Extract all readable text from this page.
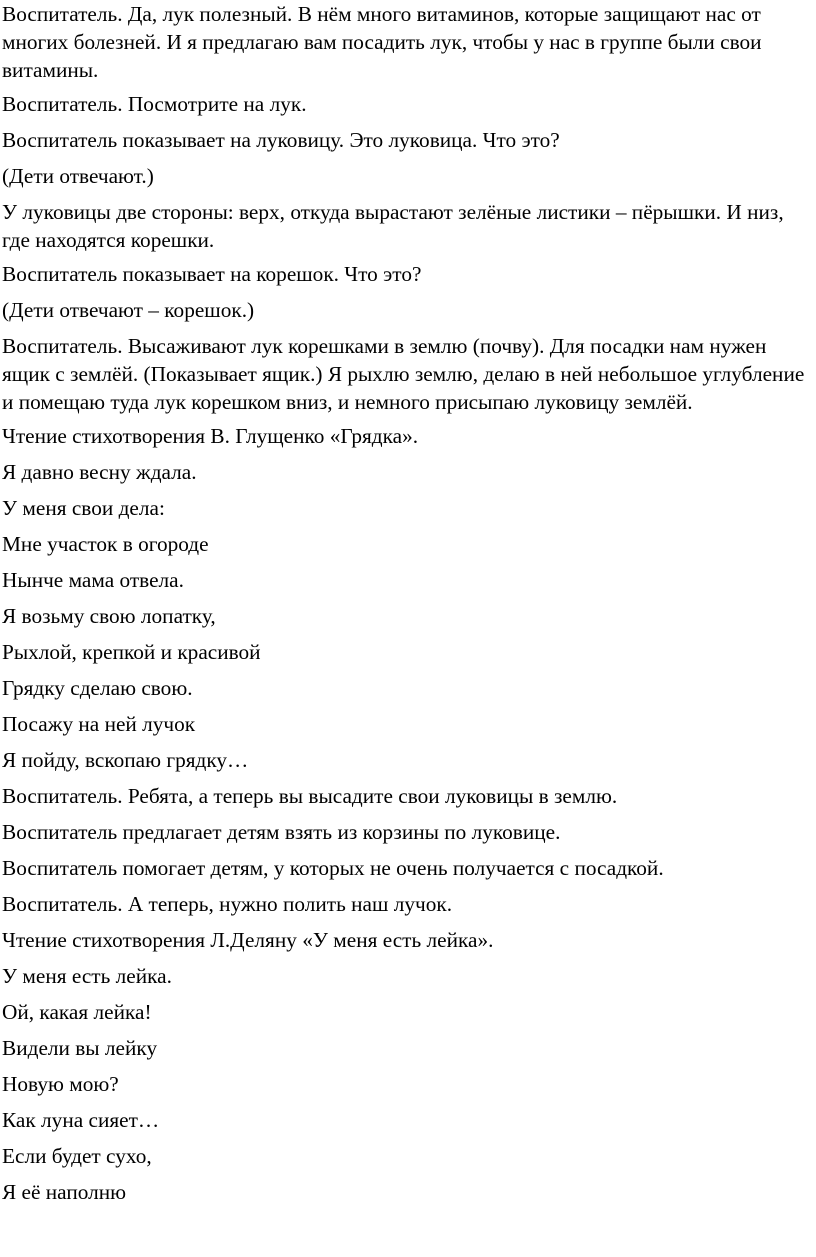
Воспитатель. Да, лук полезный. В нём много витаминов, которые защищают нас от многих болезней. И я предлагаю вам посадить лук, чтобы у нас в группе были свои витамины.

Воспитатель. Посмотрите на лук.

Воспитатель показывает на луковицу. Это луковица. Что это?

(Дети отвечают.)

У луковицы две стороны: верх, откуда вырастают зелёные листики – пёрышки. И низ, где находятся корешки.

Воспитатель показывает на корешок. Что это?

(Дети отвечают – корешок.)

Воспитатель. Высаживают лук корешками в землю (почву). Для посадки нам нужен ящик с землёй. (Показывает ящик.) Я рыхлю землю, делаю в ней небольшое углубление и помещаю туда лук корешком вниз, и немного присыпаю луковицу землёй.

Чтение стихотворения В. Глущенко «Грядка».

Я давно весну ждала.

У меня свои дела:

Мне участок в огороде

Нынче мама отвела.

Я возьму свою лопатку,

Рыхлой, крепкой и красивой

Грядку сделаю свою.

Посажу на ней лучок

Я пойду, вскопаю грядку…

Воспитатель. Ребята, а теперь вы высадите свои луковицы в землю.

Воспитатель предлагает детям взять из корзины по луковице.

Воспитатель помогает детям, у которых не очень получается с посадкой.

Воспитатель. А теперь, нужно полить наш лучок.

Чтение стихотворения Л.Деляну «У меня есть лейка».

У меня есть лейка.

Ой, какая лейка!

Видели вы лейку

Новую мою?

Как луна сияет…

Если будет сухо,

Я её наполню
